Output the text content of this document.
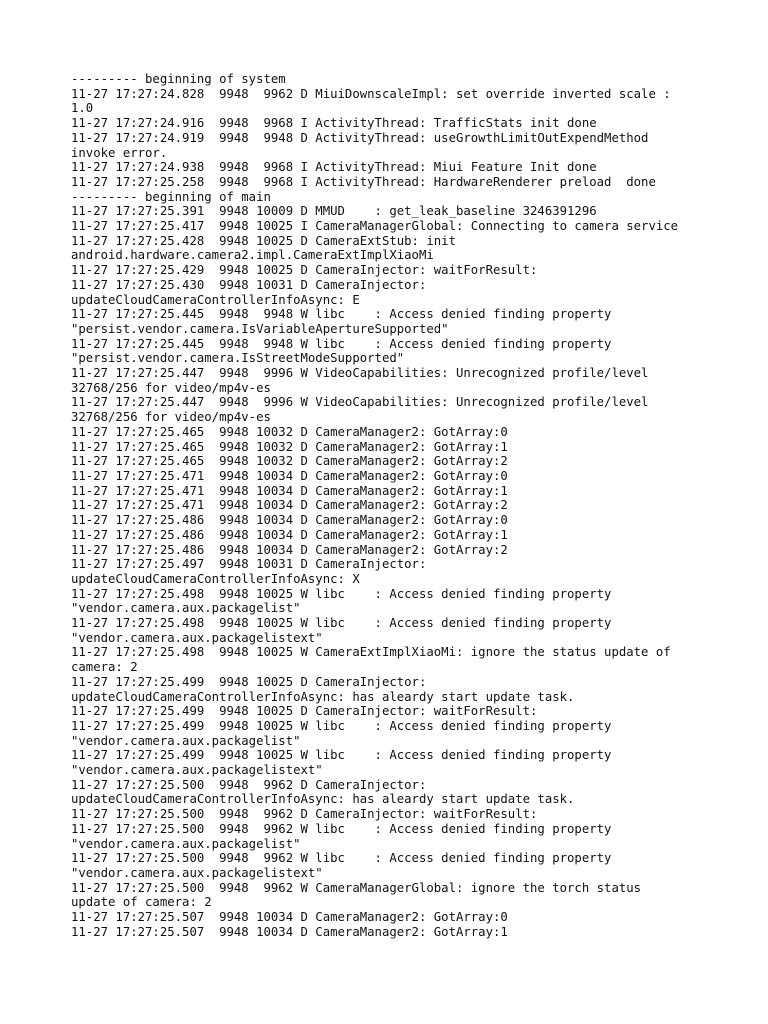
--------- beginning of system
11-27 17:27:24.828  9948  9962 D MiuiDownscaleImpl: set override inverted scale :
1.0
11-27 17:27:24.916  9948  9968 I ActivityThread: TrafficStats init done
11-27 17:27:24.919  9948  9948 D ActivityThread: useGrowthLimitOutExpendMethod
invoke error.
11-27 17:27:24.938  9948  9968 I ActivityThread: Miui Feature Init done
11-27 17:27:25.258  9948  9968 I ActivityThread: HardwareRenderer preload  done
--------- beginning of main
11-27 17:27:25.391  9948 10009 D MMUD    : get_leak_baseline 3246391296
11-27 17:27:25.417  9948 10025 I CameraManagerGlobal: Connecting to camera service
11-27 17:27:25.428  9948 10025 D CameraExtStub: init
android.hardware.camera2.impl.CameraExtImplXiaoMi
11-27 17:27:25.429  9948 10025 D CameraInjector: waitForResult:
11-27 17:27:25.430  9948 10031 D CameraInjector:
updateCloudCameraControllerInfoAsync: E
11-27 17:27:25.445  9948  9948 W libc    : Access denied finding property
"persist.vendor.camera.IsVariableApertureSupported"
11-27 17:27:25.445  9948  9948 W libc    : Access denied finding property
"persist.vendor.camera.IsStreetModeSupported"
11-27 17:27:25.447  9948  9996 W VideoCapabilities: Unrecognized profile/level
32768/256 for video/mp4v-es
11-27 17:27:25.447  9948  9996 W VideoCapabilities: Unrecognized profile/level
32768/256 for video/mp4v-es
11-27 17:27:25.465  9948 10032 D CameraManager2: GotArray:0
11-27 17:27:25.465  9948 10032 D CameraManager2: GotArray:1
11-27 17:27:25.465  9948 10032 D CameraManager2: GotArray:2
11-27 17:27:25.471  9948 10034 D CameraManager2: GotArray:0
11-27 17:27:25.471  9948 10034 D CameraManager2: GotArray:1
11-27 17:27:25.471  9948 10034 D CameraManager2: GotArray:2
11-27 17:27:25.486  9948 10034 D CameraManager2: GotArray:0
11-27 17:27:25.486  9948 10034 D CameraManager2: GotArray:1
11-27 17:27:25.486  9948 10034 D CameraManager2: GotArray:2
11-27 17:27:25.497  9948 10031 D CameraInjector:
updateCloudCameraControllerInfoAsync: X
11-27 17:27:25.498  9948 10025 W libc    : Access denied finding property
"vendor.camera.aux.packagelist"
11-27 17:27:25.498  9948 10025 W libc    : Access denied finding property
"vendor.camera.aux.packagelistext"
11-27 17:27:25.498  9948 10025 W CameraExtImplXiaoMi: ignore the status update of
camera: 2
11-27 17:27:25.499  9948 10025 D CameraInjector:
updateCloudCameraControllerInfoAsync: has aleardy start update task.
11-27 17:27:25.499  9948 10025 D CameraInjector: waitForResult:
11-27 17:27:25.499  9948 10025 W libc    : Access denied finding property
"vendor.camera.aux.packagelist"
11-27 17:27:25.499  9948 10025 W libc    : Access denied finding property
"vendor.camera.aux.packagelistext"
11-27 17:27:25.500  9948  9962 D CameraInjector:
updateCloudCameraControllerInfoAsync: has aleardy start update task.
11-27 17:27:25.500  9948  9962 D CameraInjector: waitForResult:
11-27 17:27:25.500  9948  9962 W libc    : Access denied finding property
"vendor.camera.aux.packagelist"
11-27 17:27:25.500  9948  9962 W libc    : Access denied finding property
"vendor.camera.aux.packagelistext"
11-27 17:27:25.500  9948  9962 W CameraManagerGlobal: ignore the torch status
update of camera: 2
11-27 17:27:25.507  9948 10034 D CameraManager2: GotArray:0
11-27 17:27:25.507  9948 10034 D CameraManager2: GotArray:1
